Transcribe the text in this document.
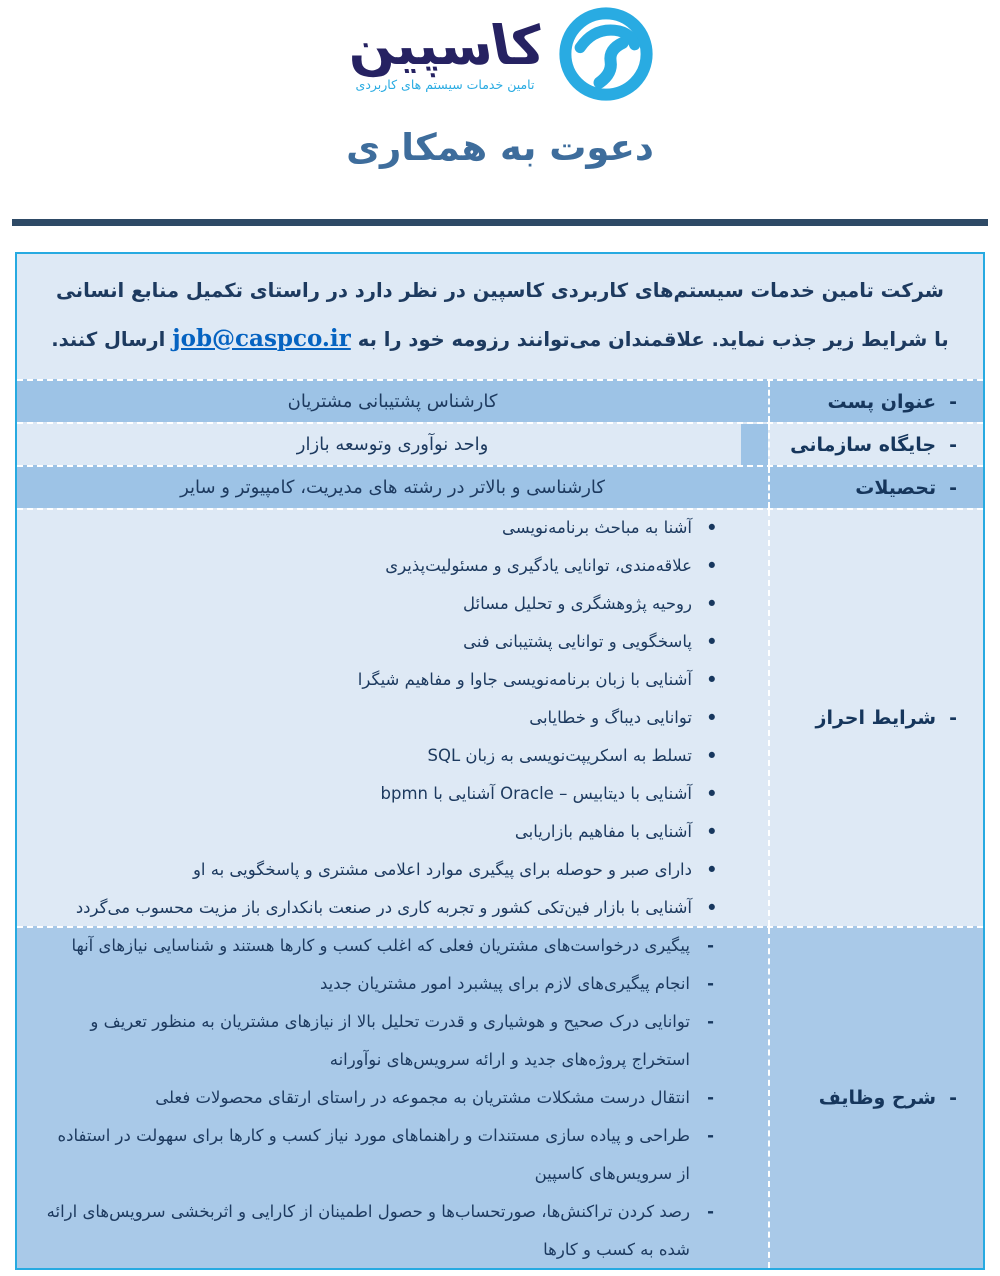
کاسپین
تامین خدمات سیستم های کاربردی
دعوت به همکاری
شرکت تامین خدمات سیستم‌های کاربردی کاسپین در نظر دارد در راستای تکمیل منابع انسانی
با شرایط زیر جذب نماید. علاقمندان می‌توانند رزومه خود را بهjob@caspco.irارسال کنند.
- عنوان پست
کارشناس پشتیبانی مشتریان
- جایگاه سازمانی
واحد نوآوری وتوسعه بازار
- تحصیلات
کارشناسی و بالاتر در رشته های مدیریت، کامپیوتر و سایر
- شرایط احراز
• آشنا به مباحث برنامه‌نویسی
• علاقه‌مندی، توانایی یادگیری و مسئولیت‌پذیری
• روحیه پژوهشگری و تحلیل مسائل
• پاسخگویی و توانایی پشتیبانی فنی
• آشنایی با زبان برنامه‌نویسی جاوا و مفاهیم شیگرا
• توانایی دیباگ و خطایابی
• تسلط به اسکریپت‌نویسی به زبان SQL
• آشنایی با دیتابیس – Oracle آشنایی با bpmn
• آشنایی با مفاهیم بازاریابی
• دارای صبر و حوصله برای پیگیری موارد اعلامی مشتری و پاسخگویی به او
• آشنایی با بازار فین‌تکی کشور و تجربه کاری در صنعت بانکداری باز مزیت محسوب می‌گردد
- شرح وظایف
- پیگیری درخواست‌های مشتریان فعلی که اغلب کسب و کارها هستند و شناسایی نیازهای آنها
- انجام پیگیری‌های لازم برای پیشبرد امور مشتریان جدید
- توانایی درک صحیح و هوشیاری و قدرت تحلیل بالا از نیازهای مشتریان به منظور تعریف و استخراج پروژه‌های جدید و ارائه سرویس‌های نوآورانه
- انتقال درست مشکلات مشتریان به مجموعه در راستای ارتقای محصولات فعلی
- طراحی و پیاده سازی مستندات و راهنماهای مورد نیاز کسب و کارها برای سهولت در استفاده از سرویس‌های کاسپین
- رصد کردن تراکنش‌ها، صورتحساب‌ها و حصول اطمینان از کارایی و اثربخشی سرویس‌های ارائه شده به کسب و کارها
